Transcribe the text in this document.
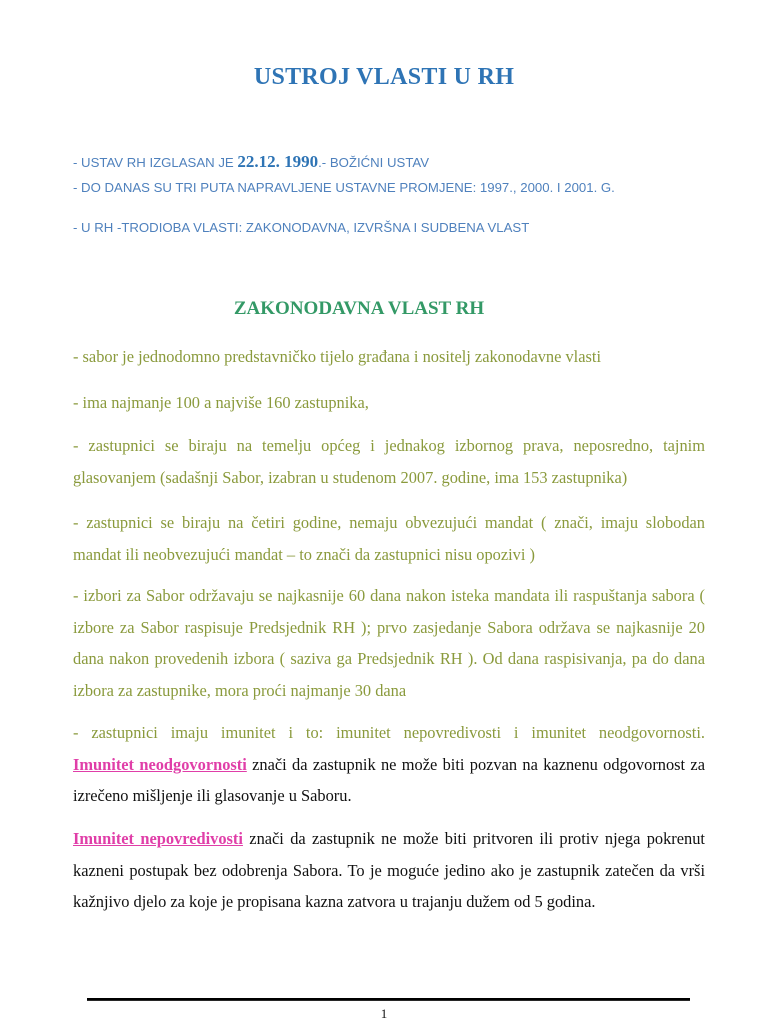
USTROJ VLASTI U RH
- USTAV RH IZGLASAN JE 22.12. 1990.- BOŽIĆNI USTAV
- DO DANAS SU TRI PUTA NAPRAVLJENE USTAVNE PROMJENE: 1997., 2000. I 2001. G.
- U RH -TRODIOBA VLASTI: ZAKONODAVNA, IZVRŠNA I SUDBENA VLAST
ZAKONODAVNA VLAST RH

- sabor je jednodomno predstavničko tijelo građana i nositelj zakonodavne vlasti

- ima najmanje 100 a najviše 160 zastupnika,

- zastupnici se biraju na temelju općeg i jednakog izbornog prava, neposredno, tajnim glasovanjem (sadašnji Sabor, izabran u studenom 2007. godine, ima 153 zastupnika)

- zastupnici se biraju na četiri godine, nemaju obvezujući mandat ( znači, imaju slobodan mandat ili neobvezujući mandat – to znači da zastupnici nisu opozivi )

- izbori za Sabor održavaju se najkasnije 60 dana nakon isteka mandata ili raspuštanja sabora ( izbore za Sabor raspisuje Predsjednik RH ); prvo zasjedanje Sabora održava se najkasnije 20 dana nakon provedenih izbora ( saziva ga Predsjednik RH ). Od dana raspisivanja, pa do dana izbora za zastupnike, mora proći najmanje 30 dana

- zastupnici imaju imunitet i to: imunitet nepovredivosti i imunitet neodgovornosti.
Imunitet neodgovornosti znači da zastupnik ne može biti pozvan na kaznenu odgovornost za izrečeno mišljenje ili glasovanje u Saboru.

Imunitet nepovredivosti znači da zastupnik ne može biti pritvoren ili protiv njega pokrenut kazneni postupak bez odobrenja Sabora. To je moguće jedino ako je zastupnik zatečen da vrši kažnjivo djelo za koje je propisana kazna zatvora u trajanju dužem od 5 godina.

1
